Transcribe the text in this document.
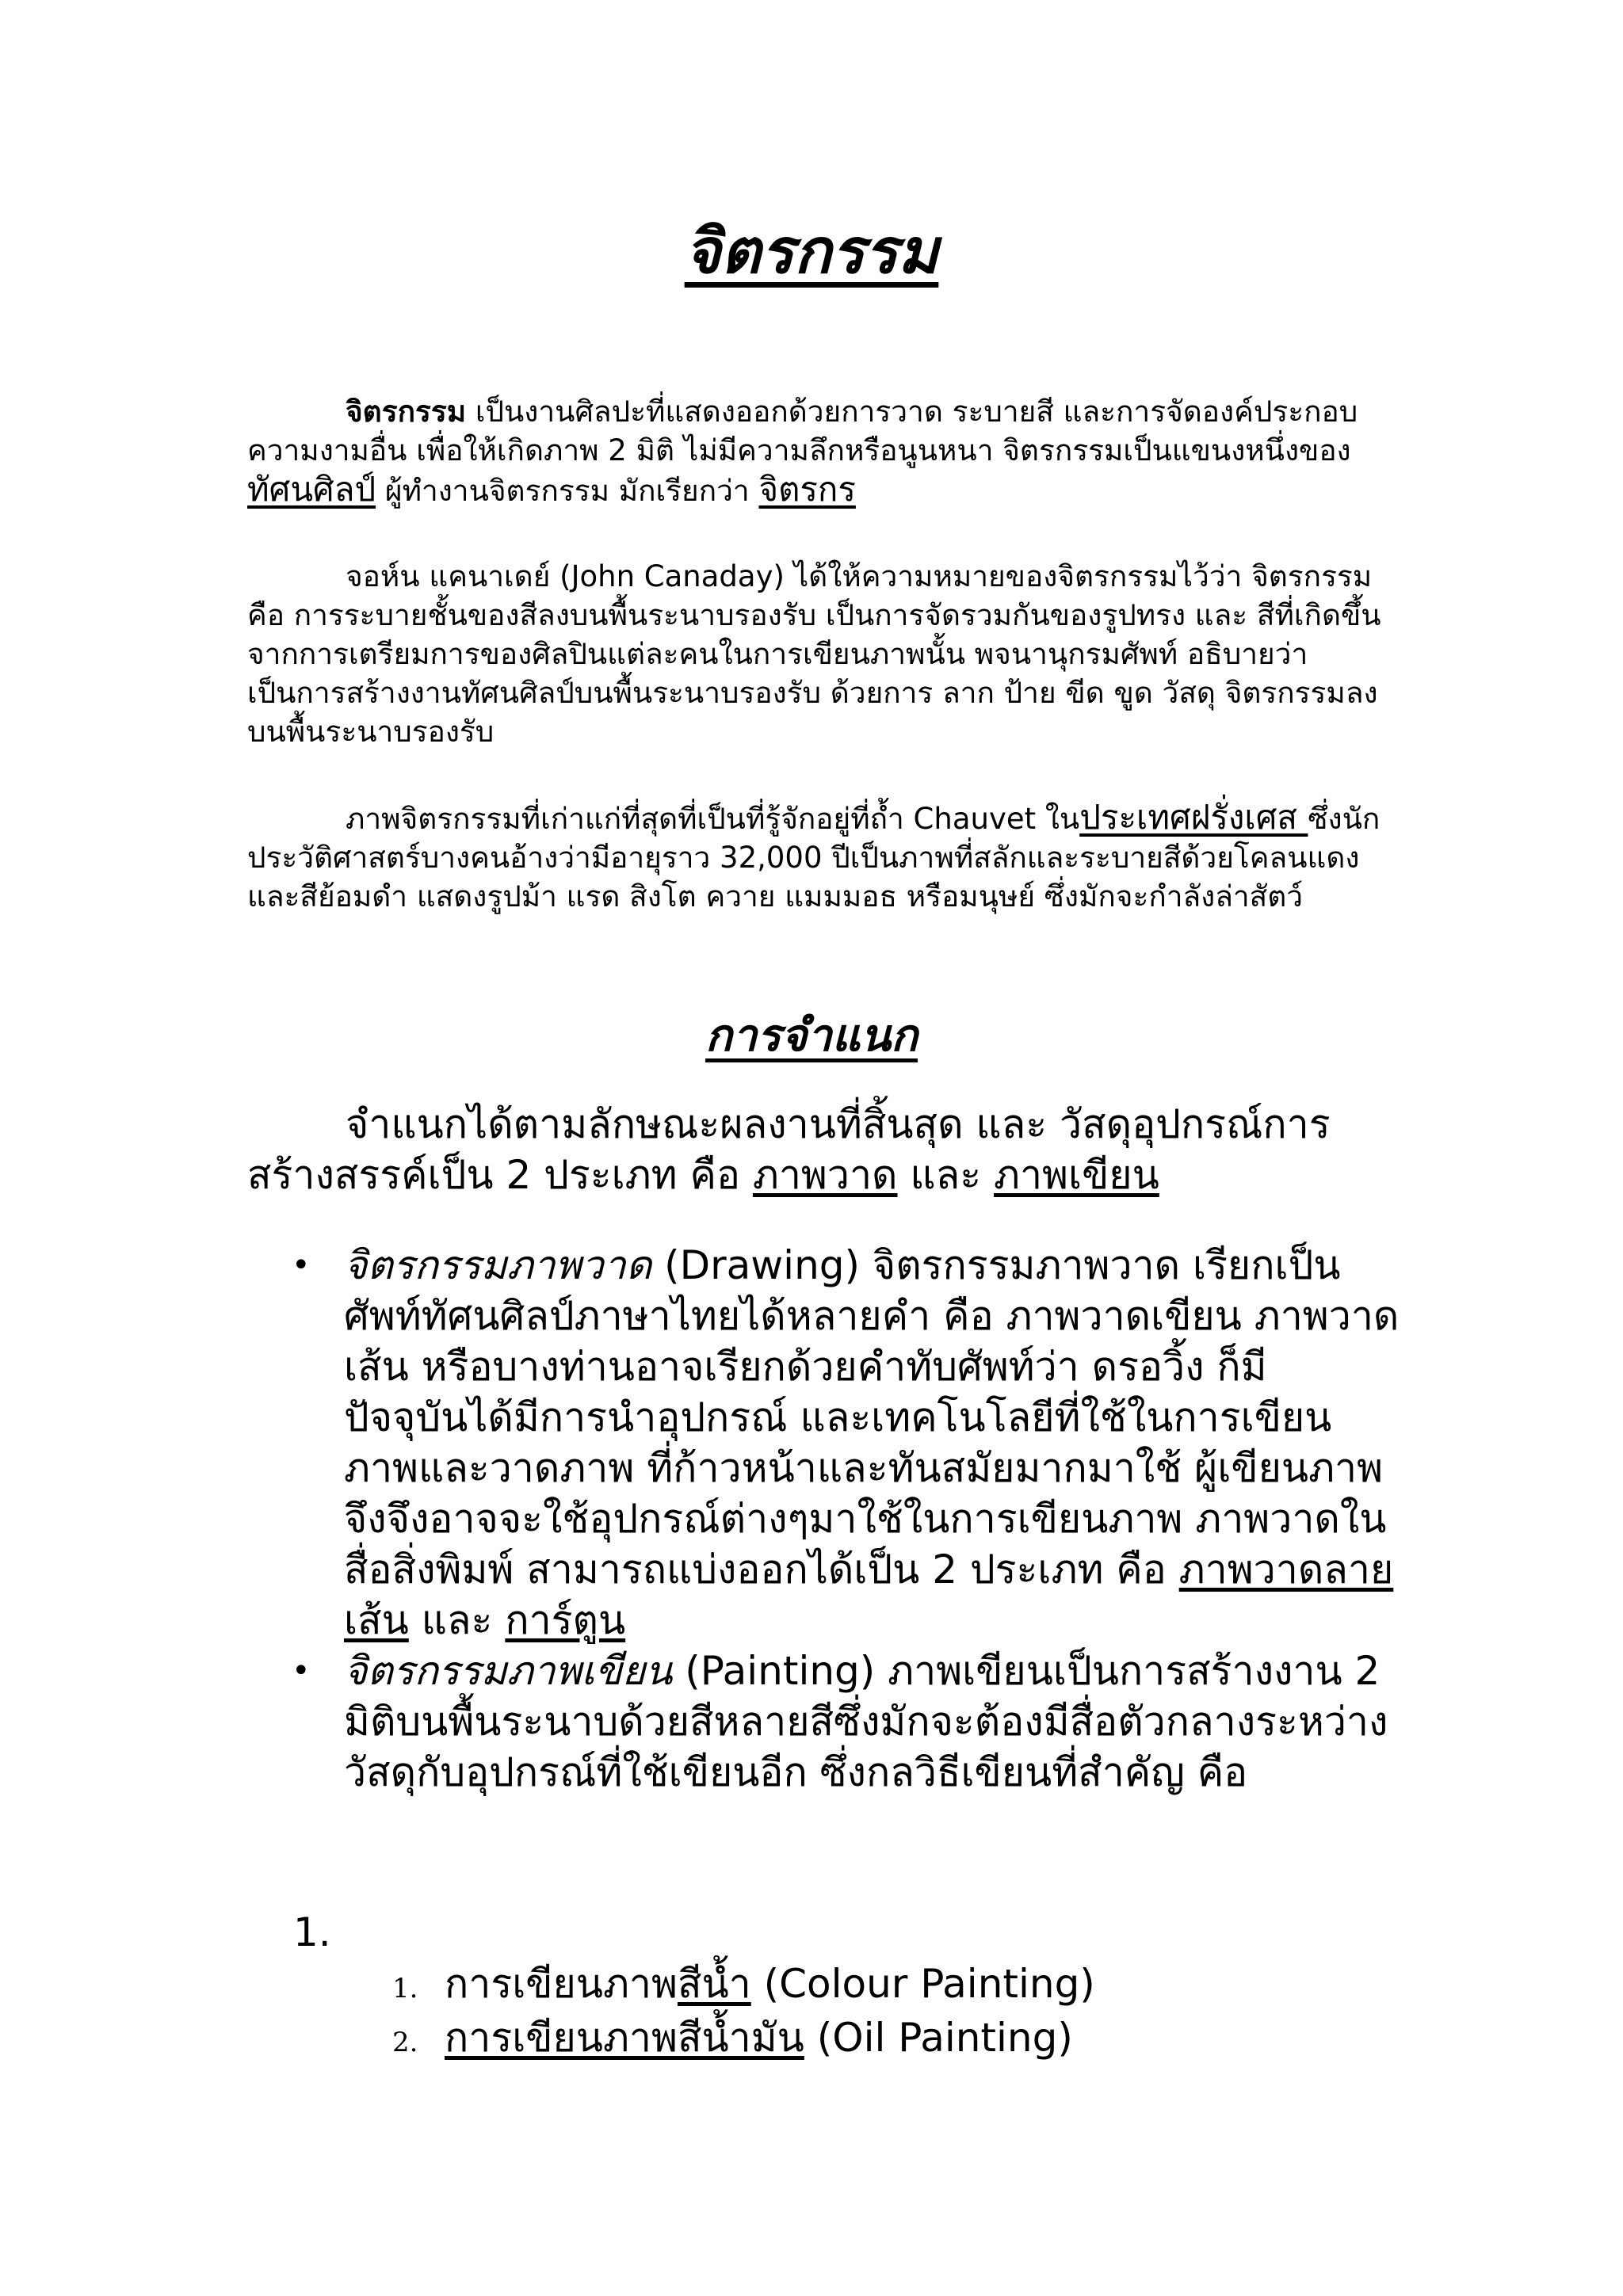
จิตรกรรม

จิตรกรรม เป็นงานศิลปะที่แสดงออกด้วยการวาด ระบายสี และการจัดองค์ประกอบความงามอื่น เพื่อให้เกิดภาพ 2 มิติ ไม่มีความลึกหรือนูนหนา จิตรกรรมเป็นแขนงหนึ่งของทัศนศิลป์ ผู้ทำงานจิตรกรรม มักเรียกว่า จิตรกร

จอห์น แคนาเดย์ (John Canaday) ได้ให้ความหมายของจิตรกรรมไว้ว่า จิตรกรรม คือ การระบายชั้นของสีลงบนพื้นระนาบรองรับ เป็นการจัดรวมกันของรูปทรง และ สีที่เกิดขึ้นจากการเตรียมการของศิลปินแต่ละคนในการเขียนภาพนั้น พจนานุกรมศัพท์ อธิบายว่า เป็นการสร้างงานทัศนศิลป์บนพื้นระนาบรองรับ ด้วยการ ลาก ป้าย ขีด ขูด วัสดุ จิตรกรรมลงบนพื้นระนาบรองรับ

ภาพจิตรกรรมที่เก่าแก่ที่สุดที่เป็นที่รู้จักอยู่ที่ถ้ำ Chauvet ในประเทศฝรั่งเศส ซึ่งนักประวัติศาสตร์บางคนอ้างว่ามีอายุราว 32,000 ปีเป็นภาพที่สลักและระบายสีด้วยโคลนแดงและสีย้อมดำ แสดงรูปม้า แรด สิงโต ควาย แมมมอธ หรือมนุษย์ ซึ่งมักจะกำลังล่าสัตว์

การจำแนก

จำแนกได้ตามลักษณะผลงานที่สิ้นสุด และ วัสดุอุปกรณ์การสร้างสรรค์เป็น 2 ประเภท คือ ภาพวาด และ ภาพเขียน

• จิตรกรรมภาพวาด (Drawing) จิตรกรรมภาพวาด เรียกเป็นศัพท์ทัศนศิลป์ภาษาไทยได้หลายคำ คือ ภาพวาดเขียน ภาพวาดเส้น หรือบางท่านอาจเรียกด้วยคำทับศัพท์ว่า ดรอวิ้ง ก็มี ปัจจุบันได้มีการนำอุปกรณ์ และเทคโนโลยีที่ใช้ในการเขียนภาพและวาดภาพ ที่ก้าวหน้าและทันสมัยมากมาใช้ ผู้เขียนภาพจึงจึงอาจจะใช้อุปกรณ์ต่างๆมาใช้ในการเขียนภาพ ภาพวาดในสื่อสิ่งพิมพ์ สามารถแบ่งออกได้เป็น 2 ประเภท คือ ภาพวาดลายเส้น และ การ์ตูน
• จิตรกรรมภาพเขียน (Painting) ภาพเขียนเป็นการสร้างงาน 2 มิติบนพื้นระนาบด้วยสีหลายสีซึ่งมักจะต้องมีสื่อตัวกลางระหว่างวัสดุกับอุปกรณ์ที่ใช้เขียนอีก ซึ่งกลวิธีเขียนที่สำคัญ คือ

1.

1. การเขียนภาพสีน้ำ (Colour Painting)
2. การเขียนภาพสีน้ำมัน (Oil Painting)
